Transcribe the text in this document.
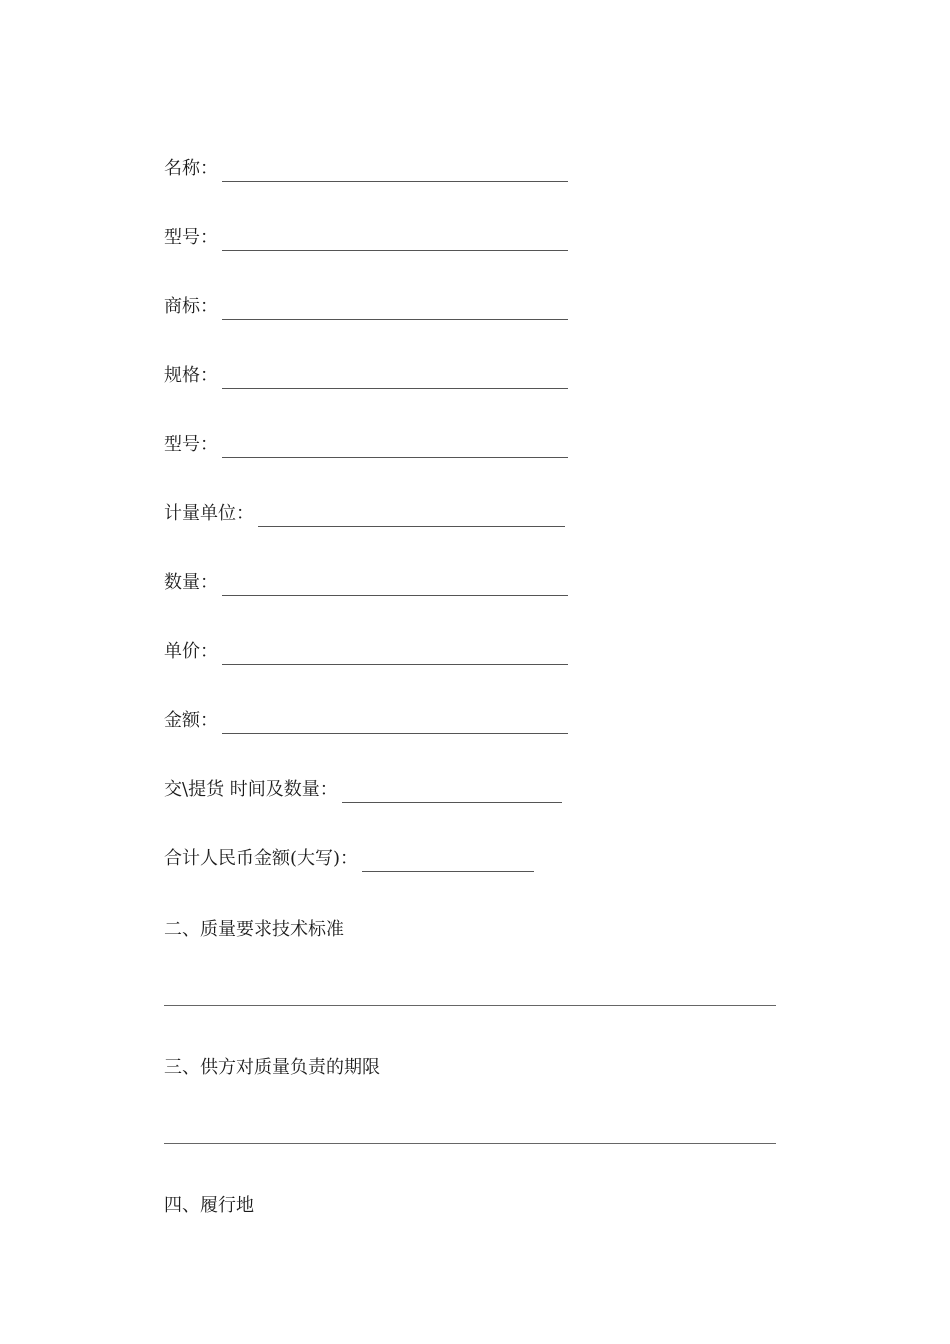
名称：
型号：
商标：
规格：
型号：
计量单位：
数量：
单价：
金额：
交\提货 时间及数量：
合计人民币金额(大写)：
二、质量要求技术标准
三、供方对质量负责的期限
四、履行地
